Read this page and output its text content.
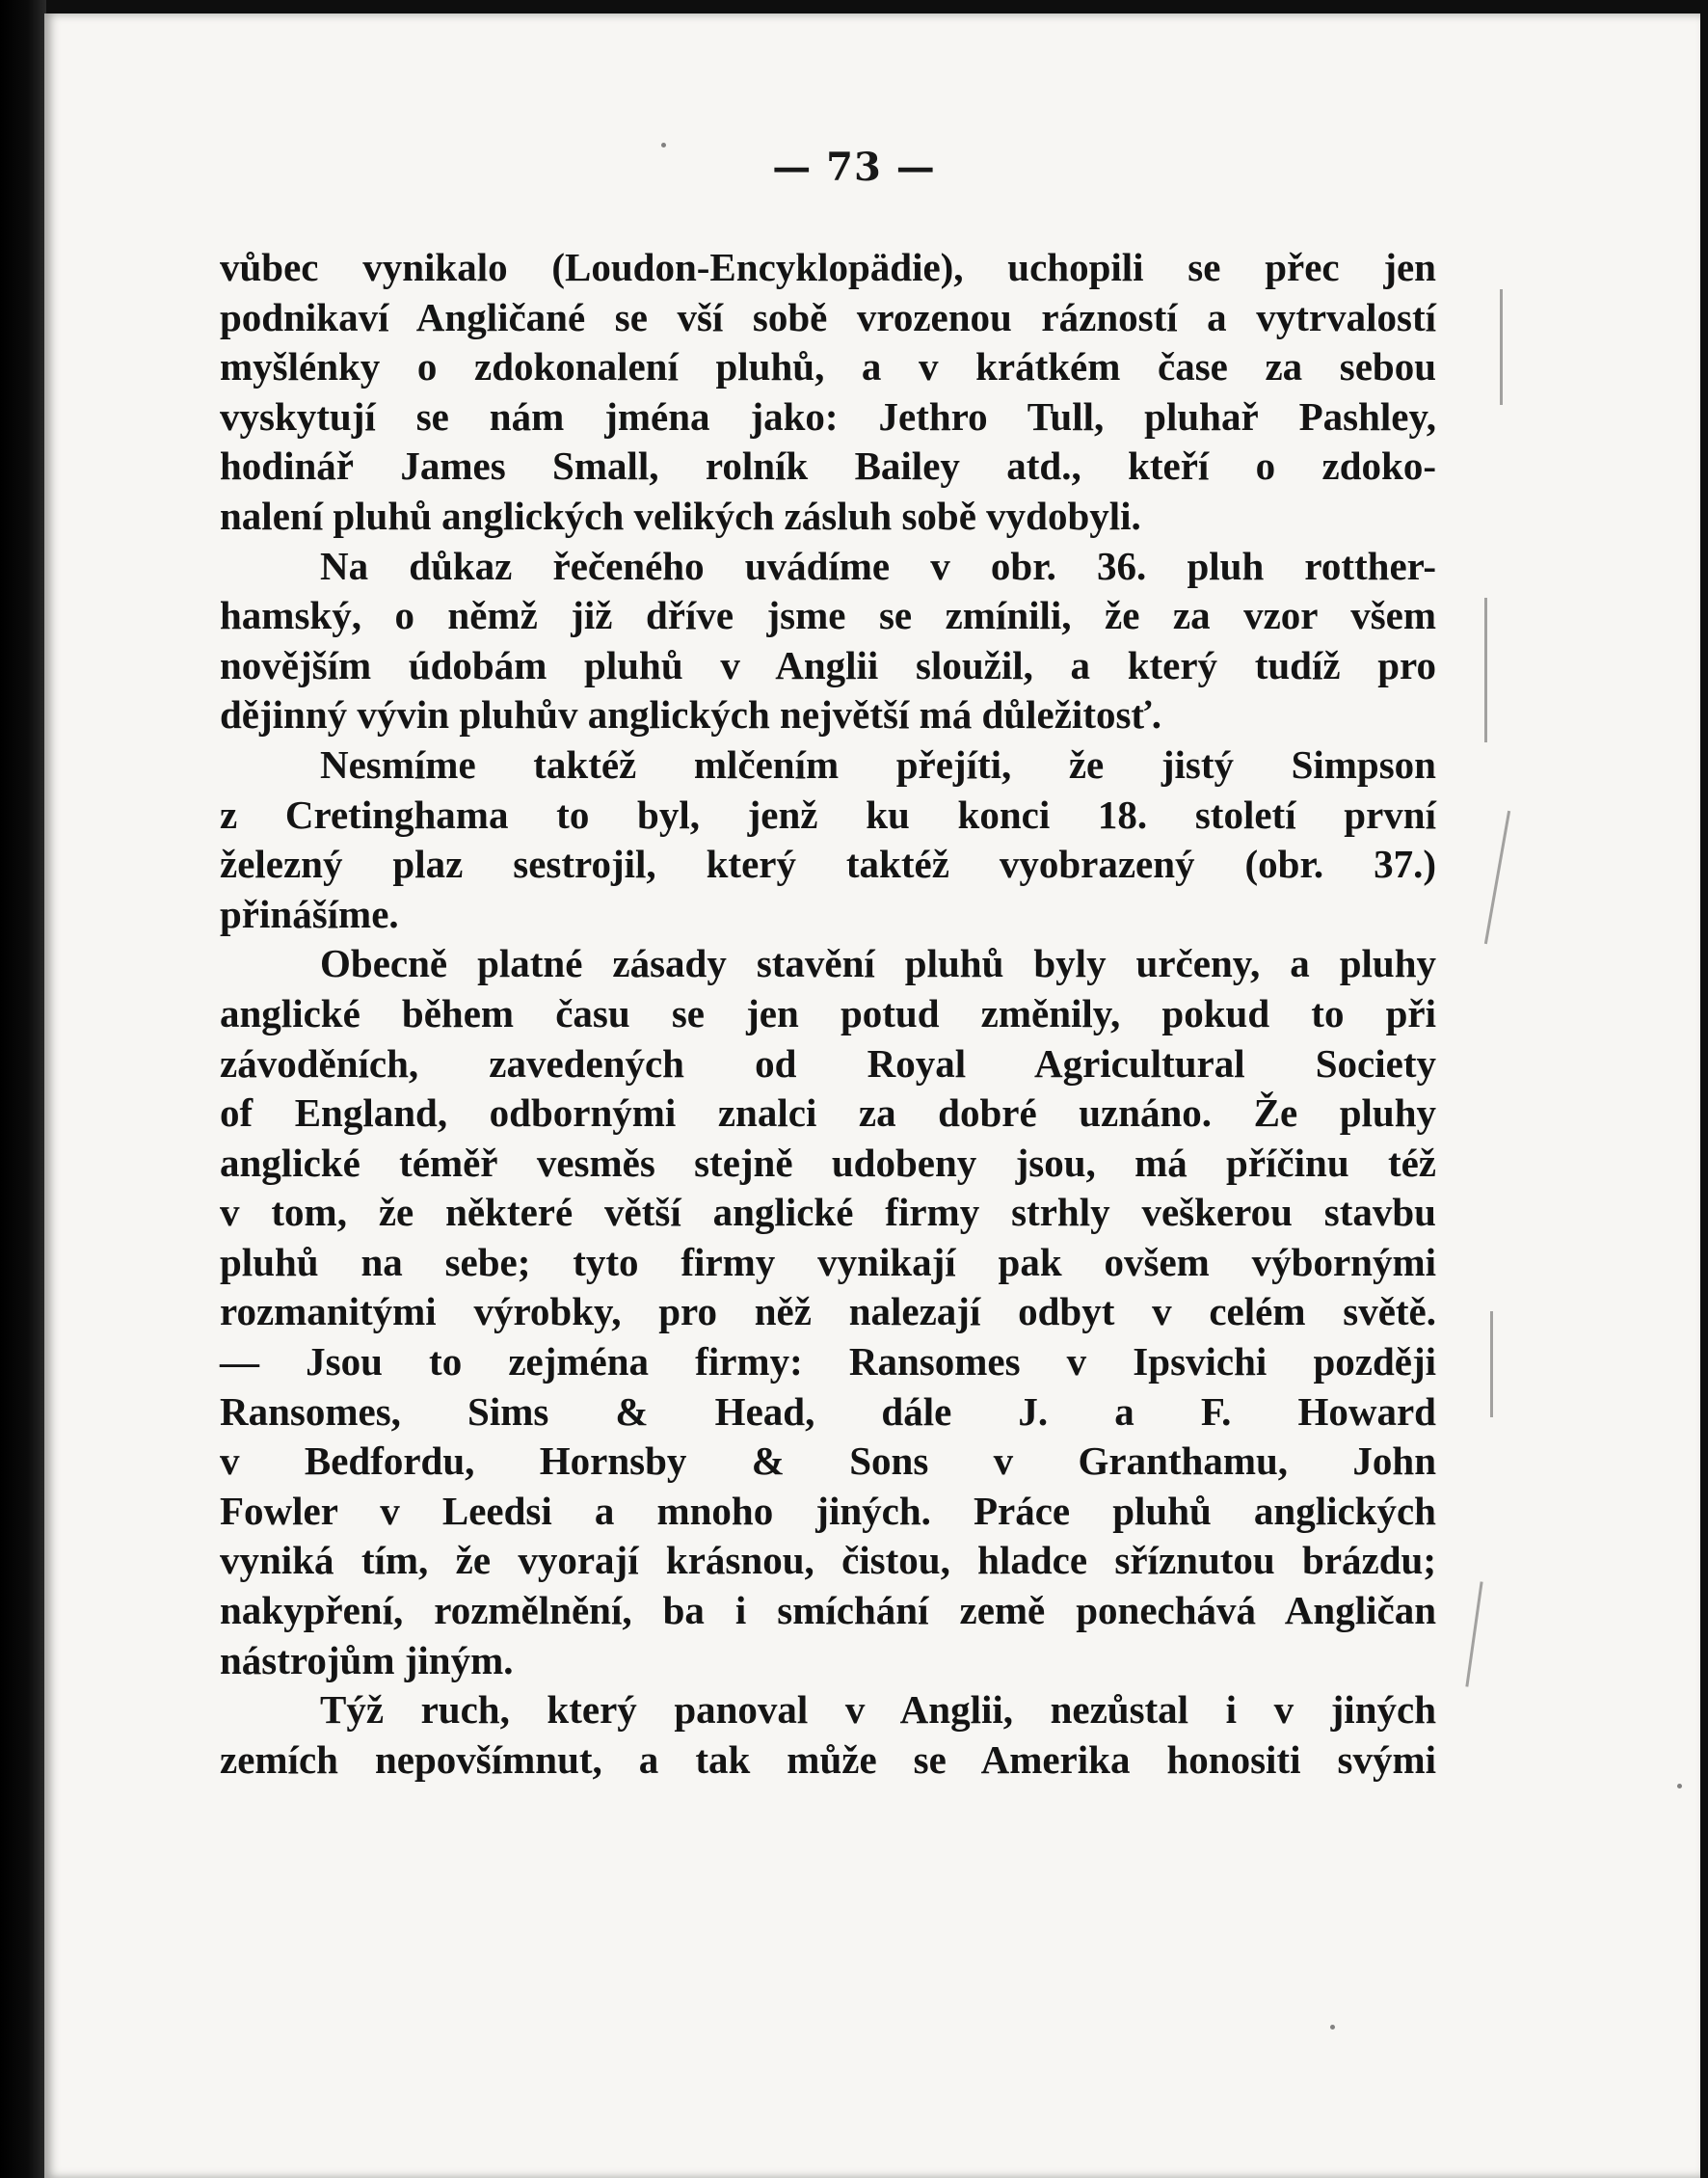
— 73 —
vůbec vynikalo (Loudon-Encyklopädie), uchopili se přec jen
podnikaví Angličané se vší sobě vrozenou rázností a vytrvalostí
myšlénky o zdokonalení pluhů, a v krátkém čase za sebou
vyskytují se nám jména jako: Jethro Tull, pluhař Pashley,
hodinář James Small, rolník Bailey atd., kteří o zdoko-
nalení pluhů anglických velikých zásluh sobě vydobyli.
Na důkaz řečeného uvádíme v obr. 36. pluh rotther-
hamský, o němž již dříve jsme se zmínili, že za vzor všem
novějším údobám pluhů v Anglii sloužil, a který tudíž pro
dějinný vývin pluhův anglických největší má důležitosť.
Nesmíme taktéž mlčením přejíti, že jistý Simpson
z Cretinghama to byl, jenž ku konci 18. století první
železný plaz sestrojil, který taktéž vyobrazený (obr. 37.)
přinášíme.
Obecně platné zásady stavění pluhů byly určeny, a pluhy
anglické během času se jen potud změnily, pokud to při
závoděních, zavedených od Royal Agricultural Society
of England, odbornými znalci za dobré uznáno. Že pluhy
anglické téměř vesměs stejně udobeny jsou, má příčinu též
v tom, že některé větší anglické firmy strhly veškerou stavbu
pluhů na sebe; tyto firmy vynikají pak ovšem výbornými
rozmanitými výrobky, pro něž nalezají odbyt v celém světě.
— Jsou to zejména firmy: Ransomes v Ipsvichi později
Ransomes, Sims & Head, dále J. a F. Howard
v Bedfordu, Hornsby & Sons v Granthamu, John
Fowler v Leedsi a mnoho jiných. Práce pluhů anglických
vyniká tím, že vyorají krásnou, čistou, hladce sříznutou brázdu;
nakypření, rozmělnění, ba i smíchání země ponechává Angličan
nástrojům jiným.
Týž ruch, který panoval v Anglii, nezůstal i v jiných
zemích nepovšímnut, a tak může se Amerika honositi svými
